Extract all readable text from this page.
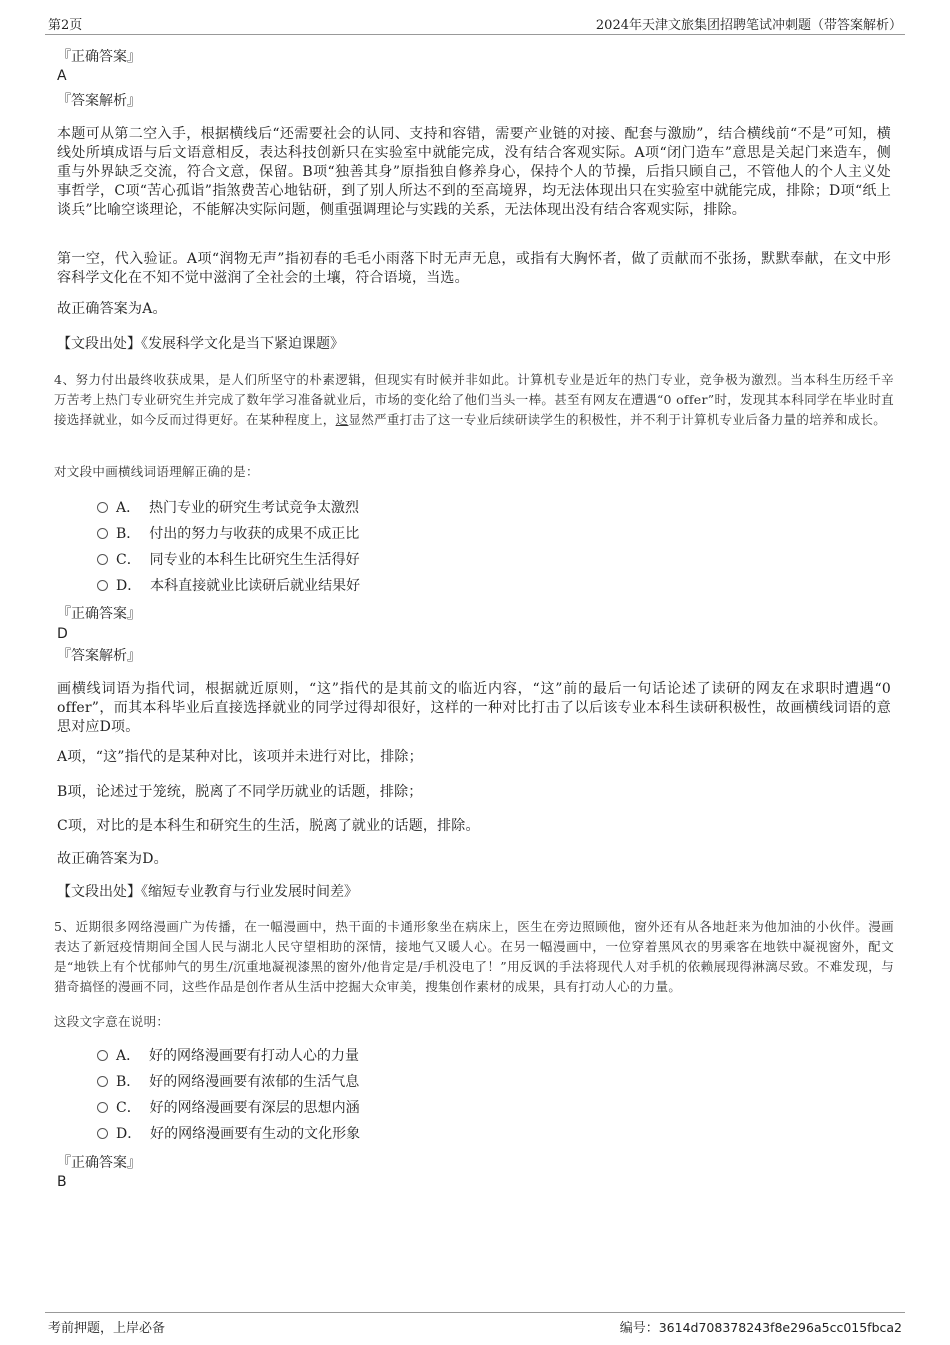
第2页	2024年天津文旅集团招聘笔试冲刺题（带答案解析）
『正确答案』
A
『答案解析』
本题可从第二空入手，根据横线后“还需要社会的认同、支持和容错，需要产业链的对接、配套与激励”，结合横线前“不是”可知，横线处所填成语与后文语意相反，表达科技创新只在实验室中就能完成，没有结合客观实际。A项“闭门造车”意思是关起门来造车，侧重与外界缺乏交流，符合文意，保留。B项“独善其身”原指独自修养身心，保持个人的节操，后指只顾自己，不管他人的个人主义处事哲学，C项“苦心孤诣”指煞费苦心地钻研，到了别人所达不到的至高境界，均无法体现出只在实验室中就能完成，排除；D项“纸上谈兵”比喻空谈理论，不能解决实际问题，侧重强调理论与实践的关系，无法体现出没有结合客观实际，排除。
第一空，代入验证。A项“润物无声”指初春的毛毛小雨落下时无声无息，或指有大胸怀者，做了贡献而不张扬，默默奉献，在文中形容科学文化在不知不觉中滋润了全社会的土壤，符合语境，当选。
故正确答案为A。
【文段出处】《发展科学文化是当下紧迫课题》
4、努力付出最终收获成果，是人们所坚守的朴素逻辑，但现实有时候并非如此。计算机专业是近年的热门专业，竞争极为激烈。当本科生历经千辛万苦考上热门专业研究生并完成了数年学习准备就业后，市场的变化给了他们当头一棒。甚至有网友在遭遇“0 offer”时，发现其本科同学在毕业时直接选择就业，如今反而过得更好。在某种程度上，这显然严重打击了这一专业后续研读学生的积极性，并不利于计算机专业后备力量的培养和成长。
对文段中画横线词语理解正确的是：
A． 热门专业的研究生考试竞争太激烈
B． 付出的努力与收获的成果不成正比
C． 同专业的本科生比研究生生活得好
D． 本科直接就业比读研后就业结果好
『正确答案』
D
『答案解析』
画横线词语为指代词，根据就近原则，“这”指代的是其前文的临近内容，“这”前的最后一句话论述了读研的网友在求职时遭遇“0 offer”，而其本科毕业后直接选择就业的同学过得却很好，这样的一种对比打击了以后该专业本科生读研积极性，故画横线词语的意思对应D项。
A项，“这”指代的是某种对比，该项并未进行对比，排除；
B项，论述过于笼统，脱离了不同学历就业的话题，排除；
C项，对比的是本科生和研究生的生活，脱离了就业的话题，排除。
故正确答案为D。
【文段出处】《缩短专业教育与行业发展时间差》
5、近期很多网络漫画广为传播，在一幅漫画中，热干面的卡通形象坐在病床上，医生在旁边照顾他，窗外还有从各地赶来为他加油的小伙伴。漫画表达了新冠疫情期间全国人民与湖北人民守望相助的深情，接地气又暖人心。在另一幅漫画中，一位穿着黑风衣的男乘客在地铁中凝视窗外，配文是“地铁上有个忧郁帅气的男生/沉重地凝视漆黑的窗外/他肯定是/手机没电了！”用反讽的手法将现代人对手机的依赖展现得淋漓尽致。不难发现，与猎奇搞怪的漫画不同，这些作品是创作者从生活中挖掘大众审美，搜集创作素材的成果，具有打动人心的力量。
这段文字意在说明：
A． 好的网络漫画要有打动人心的力量
B． 好的网络漫画要有浓郁的生活气息
C． 好的网络漫画要有深层的思想内涵
D． 好的网络漫画要有生动的文化形象
『正确答案』
B
考前押题，上岸必备	编号：3614d708378243f8e296a5cc015fbca2
